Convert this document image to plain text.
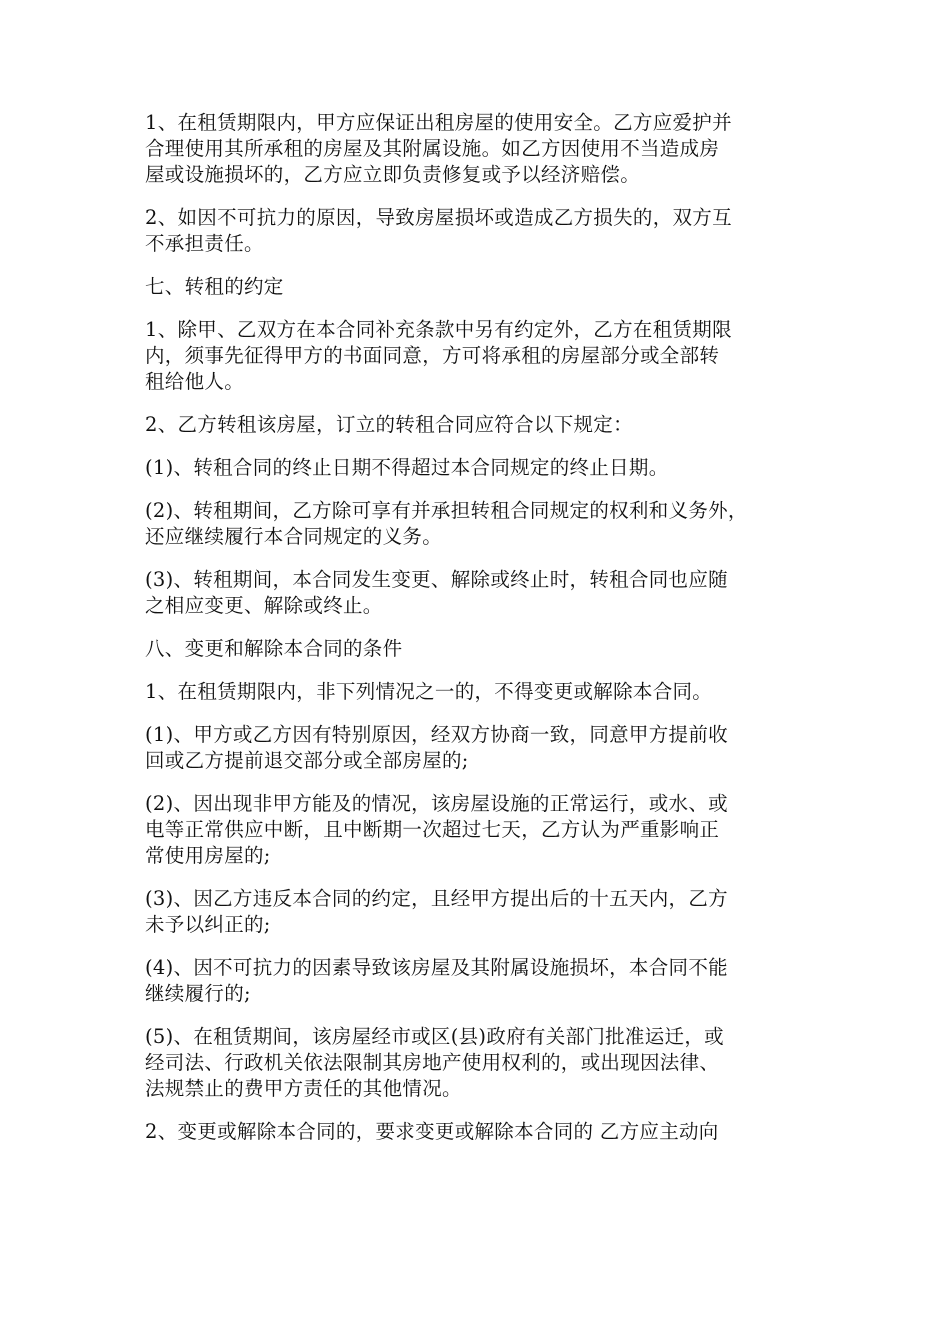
1、在租赁期限内，甲方应保证出租房屋的使用安全。乙方应爱护并
合理使用其所承租的房屋及其附属设施。如乙方因使用不当造成房
屋或设施损坏的，乙方应立即负责修复或予以经济赔偿。

2、如因不可抗力的原因，导致房屋损坏或造成乙方损失的，双方互
不承担责任。

七、转租的约定

1、除甲、乙双方在本合同补充条款中另有约定外，乙方在租赁期限
内，须事先征得甲方的书面同意，方可将承租的房屋部分或全部转
租给他人。

2、乙方转租该房屋，订立的转租合同应符合以下规定：

(1)、转租合同的终止日期不得超过本合同规定的终止日期。

(2)、转租期间，乙方除可享有并承担转租合同规定的权利和义务外，
还应继续履行本合同规定的义务。

(3)、转租期间，本合同发生变更、解除或终止时，转租合同也应随
之相应变更、解除或终止。

八、变更和解除本合同的条件

1、在租赁期限内，非下列情况之一的，不得变更或解除本合同。

(1)、甲方或乙方因有特别原因，经双方协商一致，同意甲方提前收
回或乙方提前退交部分或全部房屋的;

(2)、因出现非甲方能及的情况，该房屋设施的正常运行，或水、或
电等正常供应中断，且中断期一次超过七天，乙方认为严重影响正
常使用房屋的;

(3)、因乙方违反本合同的约定，且经甲方提出后的十五天内，乙方
未予以纠正的;

(4)、因不可抗力的因素导致该房屋及其附属设施损坏，本合同不能
继续履行的;

(5)、在租赁期间，该房屋经市或区(县)政府有关部门批准运迁，或
经司法、行政机关依法限制其房地产使用权利的，或出现因法律、
法规禁止的费甲方责任的其他情况。

2、变更或解除本合同的，要求变更或解除本合同的 乙方应主动向
